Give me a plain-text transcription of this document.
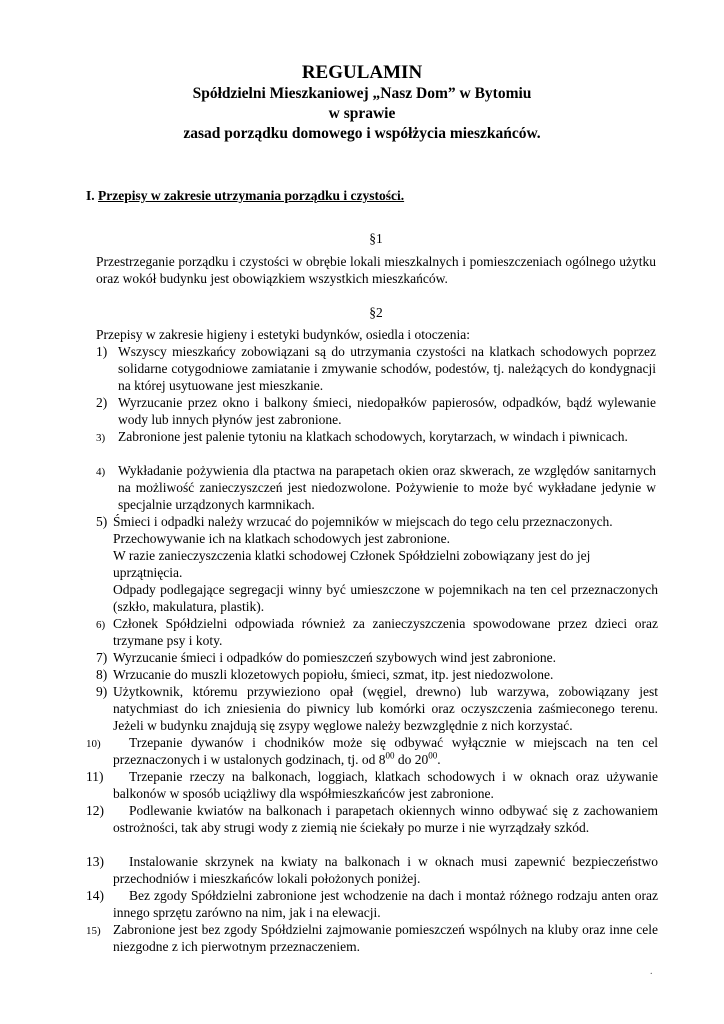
REGULAMIN
Spółdzielni Mieszkaniowej „Nasz Dom” w Bytomiu
w sprawie
zasad porządku domowego i współżycia mieszkańców.
I. Przepisy w zakresie utrzymania porządku i czystości.
§1
Przestrzeganie porządku i czystości w obrębie lokali mieszkalnych i pomieszczeniach ogólnego użytku oraz wokół budynku jest obowiązkiem wszystkich mieszkańców.
§2
Przepisy w zakresie higieny i estetyki budynków, osiedla i otoczenia:
1) Wszyscy mieszkańcy zobowiązani są do utrzymania czystości na klatkach schodowych poprzez solidarne cotygodniowe zamiatanie i zmywanie schodów, podestów, tj. należących do kondygnacji na której usytuowane jest mieszkanie.
2) Wyrzucanie przez okno i balkony śmieci, niedopałków papierosów, odpadków, bądź wylewanie wody lub innych płynów jest zabronione.
3) Zabronione jest palenie tytoniu na klatkach schodowych, korytarzach, w windach i piwnicach.
4) Wykładanie pożywienia dla ptactwa na parapetach okien oraz skwerach, ze względów sanitarnych na możliwość zanieczyszczeń jest niedozwolone. Pożywienie to może być wykładane jedynie w specjalnie urządzonych karmnikach.
5) Śmieci i odpadki należy wrzucać do pojemników w miejscach do tego celu przeznaczonych.
Przechowywanie ich na klatkach schodowych jest zabronione.
W razie zanieczyszczenia klatki schodowej Członek Spółdzielni zobowiązany jest do jej uprzątnięcia.
Odpady podlegające segregacji winny być umieszczone w pojemnikach na ten cel przeznaczonych (szkło, makulatura, plastik).
6) Członek Spółdzielni odpowiada również za zanieczyszczenia spowodowane przez dzieci oraz trzymane psy i koty.
7) Wyrzucanie śmieci i odpadków do pomieszczeń szybowych wind jest zabronione.
8) Wrzucanie do muszli klozetowych popiołu, śmieci, szmat, itp. jest niedozwolone.
9) Użytkownik, któremu przywieziono opał (węgiel, drewno) lub warzywa, zobowiązany jest natychmiast do ich zniesienia do piwnicy lub komórki oraz oczyszczenia zaśmieconego terenu. Jeżeli w budynku znajdują się zsypy węglowe należy bezwzględnie z nich korzystać.
10)	Trzepanie dywanów i chodników może się odbywać wyłącznie w miejscach na ten cel przeznaczonych i w ustalonych godzinach, tj. od $8^{00}$ do $20^{00}$.
11)	Trzepanie rzeczy na balkonach, loggiach, klatkach schodowych i w oknach oraz używanie balkonów w sposób uciążliwy dla współmieszkańców jest zabronione.
12)	Podlewanie kwiatów na balkonach i parapetach okiennych winno odbywać się z zachowaniem ostrożności, tak aby strugi wody z ziemią nie ściekały po murze i nie wyrządzały szkód.
13)	Instalowanie skrzynek na kwiaty na balkonach i w oknach musi zapewnić bezpieczeństwo przechodniów i mieszkańców lokali położonych poniżej.
14)	Bez zgody Spółdzielni zabronione jest wchodzenie na dach i montaż różnego rodzaju anten oraz innego sprzętu zarówno na nim, jak i na elewacji.
15) Zabronione jest bez zgody Spółdzielni zajmowanie pomieszczeń wspólnych na kluby oraz inne cele niezgodne z ich pierwotnym przeznaczeniem.
.
